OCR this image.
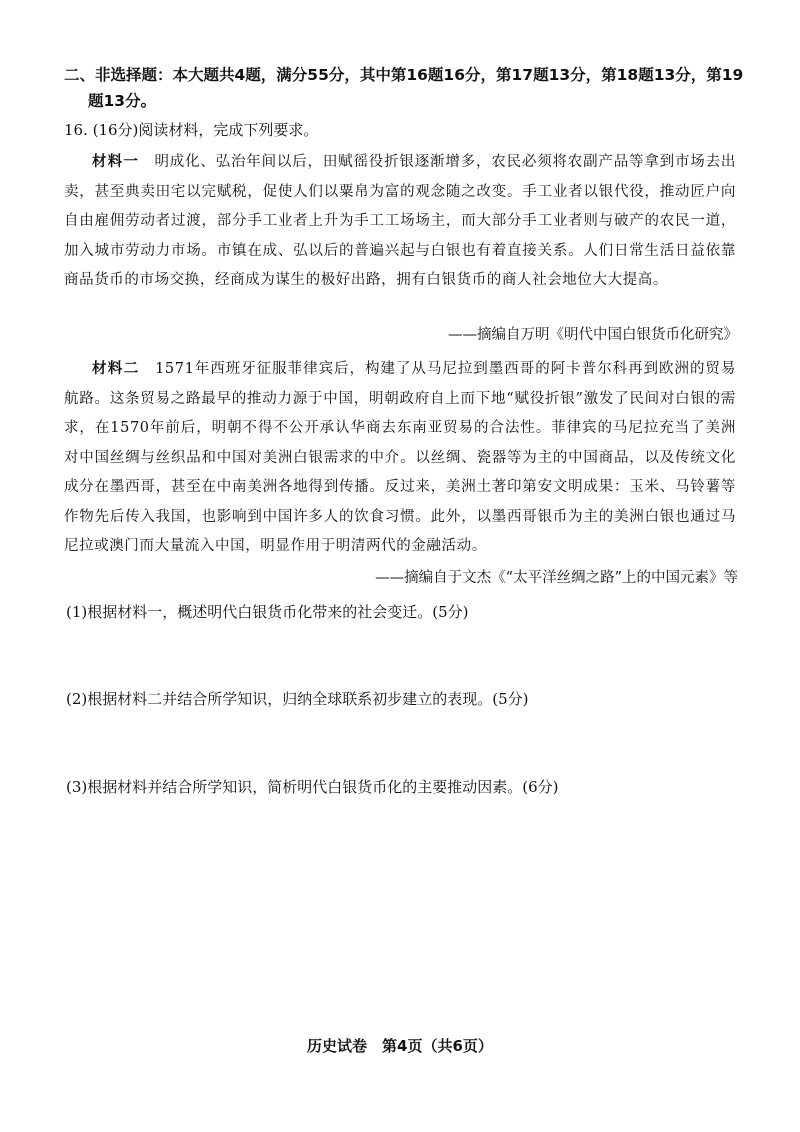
二、非选择题：本大题共4题，满分55分，其中第16题16分，第17题13分，第18题13分，第19
题13分。
16. (16分)阅读材料，完成下列要求。
材料一　 明成化、弘治年间以后，田赋徭役折银逐渐增多，农民必须将农副产品等拿到市场去出卖，甚至典卖田宅以完赋税，促使人们以粟帛为富的观念随之改变。手工业者以银代役，推动匠户向自由雇佣劳动者过渡，部分手工业者上升为手工工场场主，而大部分手工业者则与破产的农民一道，加入城市劳动力市场。市镇在成、弘以后的普遍兴起与白银也有着直接关系。人们日常生活日益依靠商品货币的市场交换，经商成为谋生的极好出路，拥有白银货币的商人社会地位大大提高。
——摘编自万明《明代中国白银货币化研究》
材料二　 1571年西班牙征服菲律宾后，构建了从马尼拉到墨西哥的阿卡普尔科再到欧洲的贸易航路。这条贸易之路最早的推动力源于中国，明朝政府自上而下地“赋役折银”激发了民间对白银的需求，在1570年前后，明朝不得不公开承认华商去东南亚贸易的合法性。菲律宾的马尼拉充当了美洲对中国丝绸与丝织品和中国对美洲白银需求的中介。以丝绸、瓷器等为主的中国商品，以及传统文化成分在墨西哥，甚至在中南美洲各地得到传播。反过来，美洲土著印第安文明成果：玉米、马铃薯等作物先后传入我国，也影响到中国许多人的饮食习惯。此外，以墨西哥银币为主的美洲白银也通过马尼拉或澳门而大量流入中国，明显作用于明清两代的金融活动。
——摘编自于文杰《“太平洋丝绸之路”上的中国元素》等
(1)根据材料一，概述明代白银货币化带来的社会变迁。(5分)
(2)根据材料二并结合所学知识，归纳全球联系初步建立的表现。(5分)
(3)根据材料并结合所学知识，简析明代白银货币化的主要推动因素。(6分)
历史试卷　第4页（共6页）
